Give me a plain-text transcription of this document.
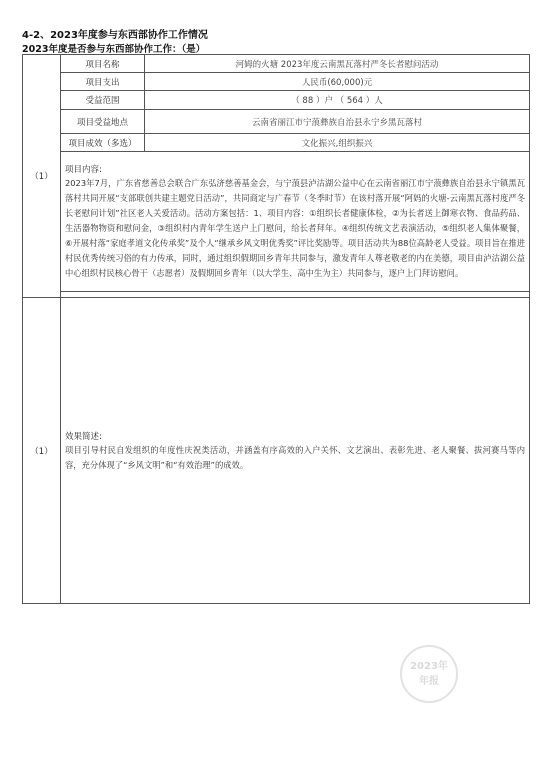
4-2、2023年度参与东西部协作工作情况
2023年度是否参与东西部协作工作：（是）
（1）	项目名称	河姆的火塘 2023年度云南黑瓦落村严冬长者慰问活动
	项目支出	人民币(60,000)元
	受益范围	（ 88 ）户 （ 564 ）人
	项目受益地点	云南省丽江市宁蒗彝族自治县永宁乡黑瓦落村
	项目成效（多选）	文化振兴,组织振兴

	项目内容:
2023年7月，广东省慈善总会联合广东弘济慈善基金会，与宁蒗县泸沽湖公益中心在云南省丽江市宁蒗彝族自治县永宁镇黑瓦落村共同开展“支部联创共建主题党日活动”，共同商定与广春节（冬季时节）在该村落开展“阿妈的火塘-云南黑瓦落村度严冬长老慰问计划”社区老人关爱活动。活动方案包括：1、项目内容：①组织长者健康体检，②为长者送上御寒衣物、食品药品、生活器物物资和慰问金，③组织村内青年学生送户上门慰问，给长者拜年。④组织传统文艺表演活动，⑤组织老人集体聚餐，⑥开展村落“家庭孝道文化传承奖”及个人“继承乡风文明优秀奖”评比奖励等。项目活动共为88位高龄老人受益。项目旨在推进村民优秀传统习俗的有力传承，同时，通过组织假期回乡青年共同参与，激发青年人尊老敬老的内在美德，项目由泸沽湖公益中心组织村民核心骨干（志愿者）及假期回乡青年（以大学生、高中生为主）共同参与，逐户上门拜访慰问。	

（1）	效果简述:
项目引导村民自发组织的年度性庆祝类活动，并涵盖有序高效的入户关怀、文艺演出、表彰先进、老人聚餐、拔河赛马等内容，充分体现了“乡风文明”和“有效治理”的成效。	
2023年
年报
